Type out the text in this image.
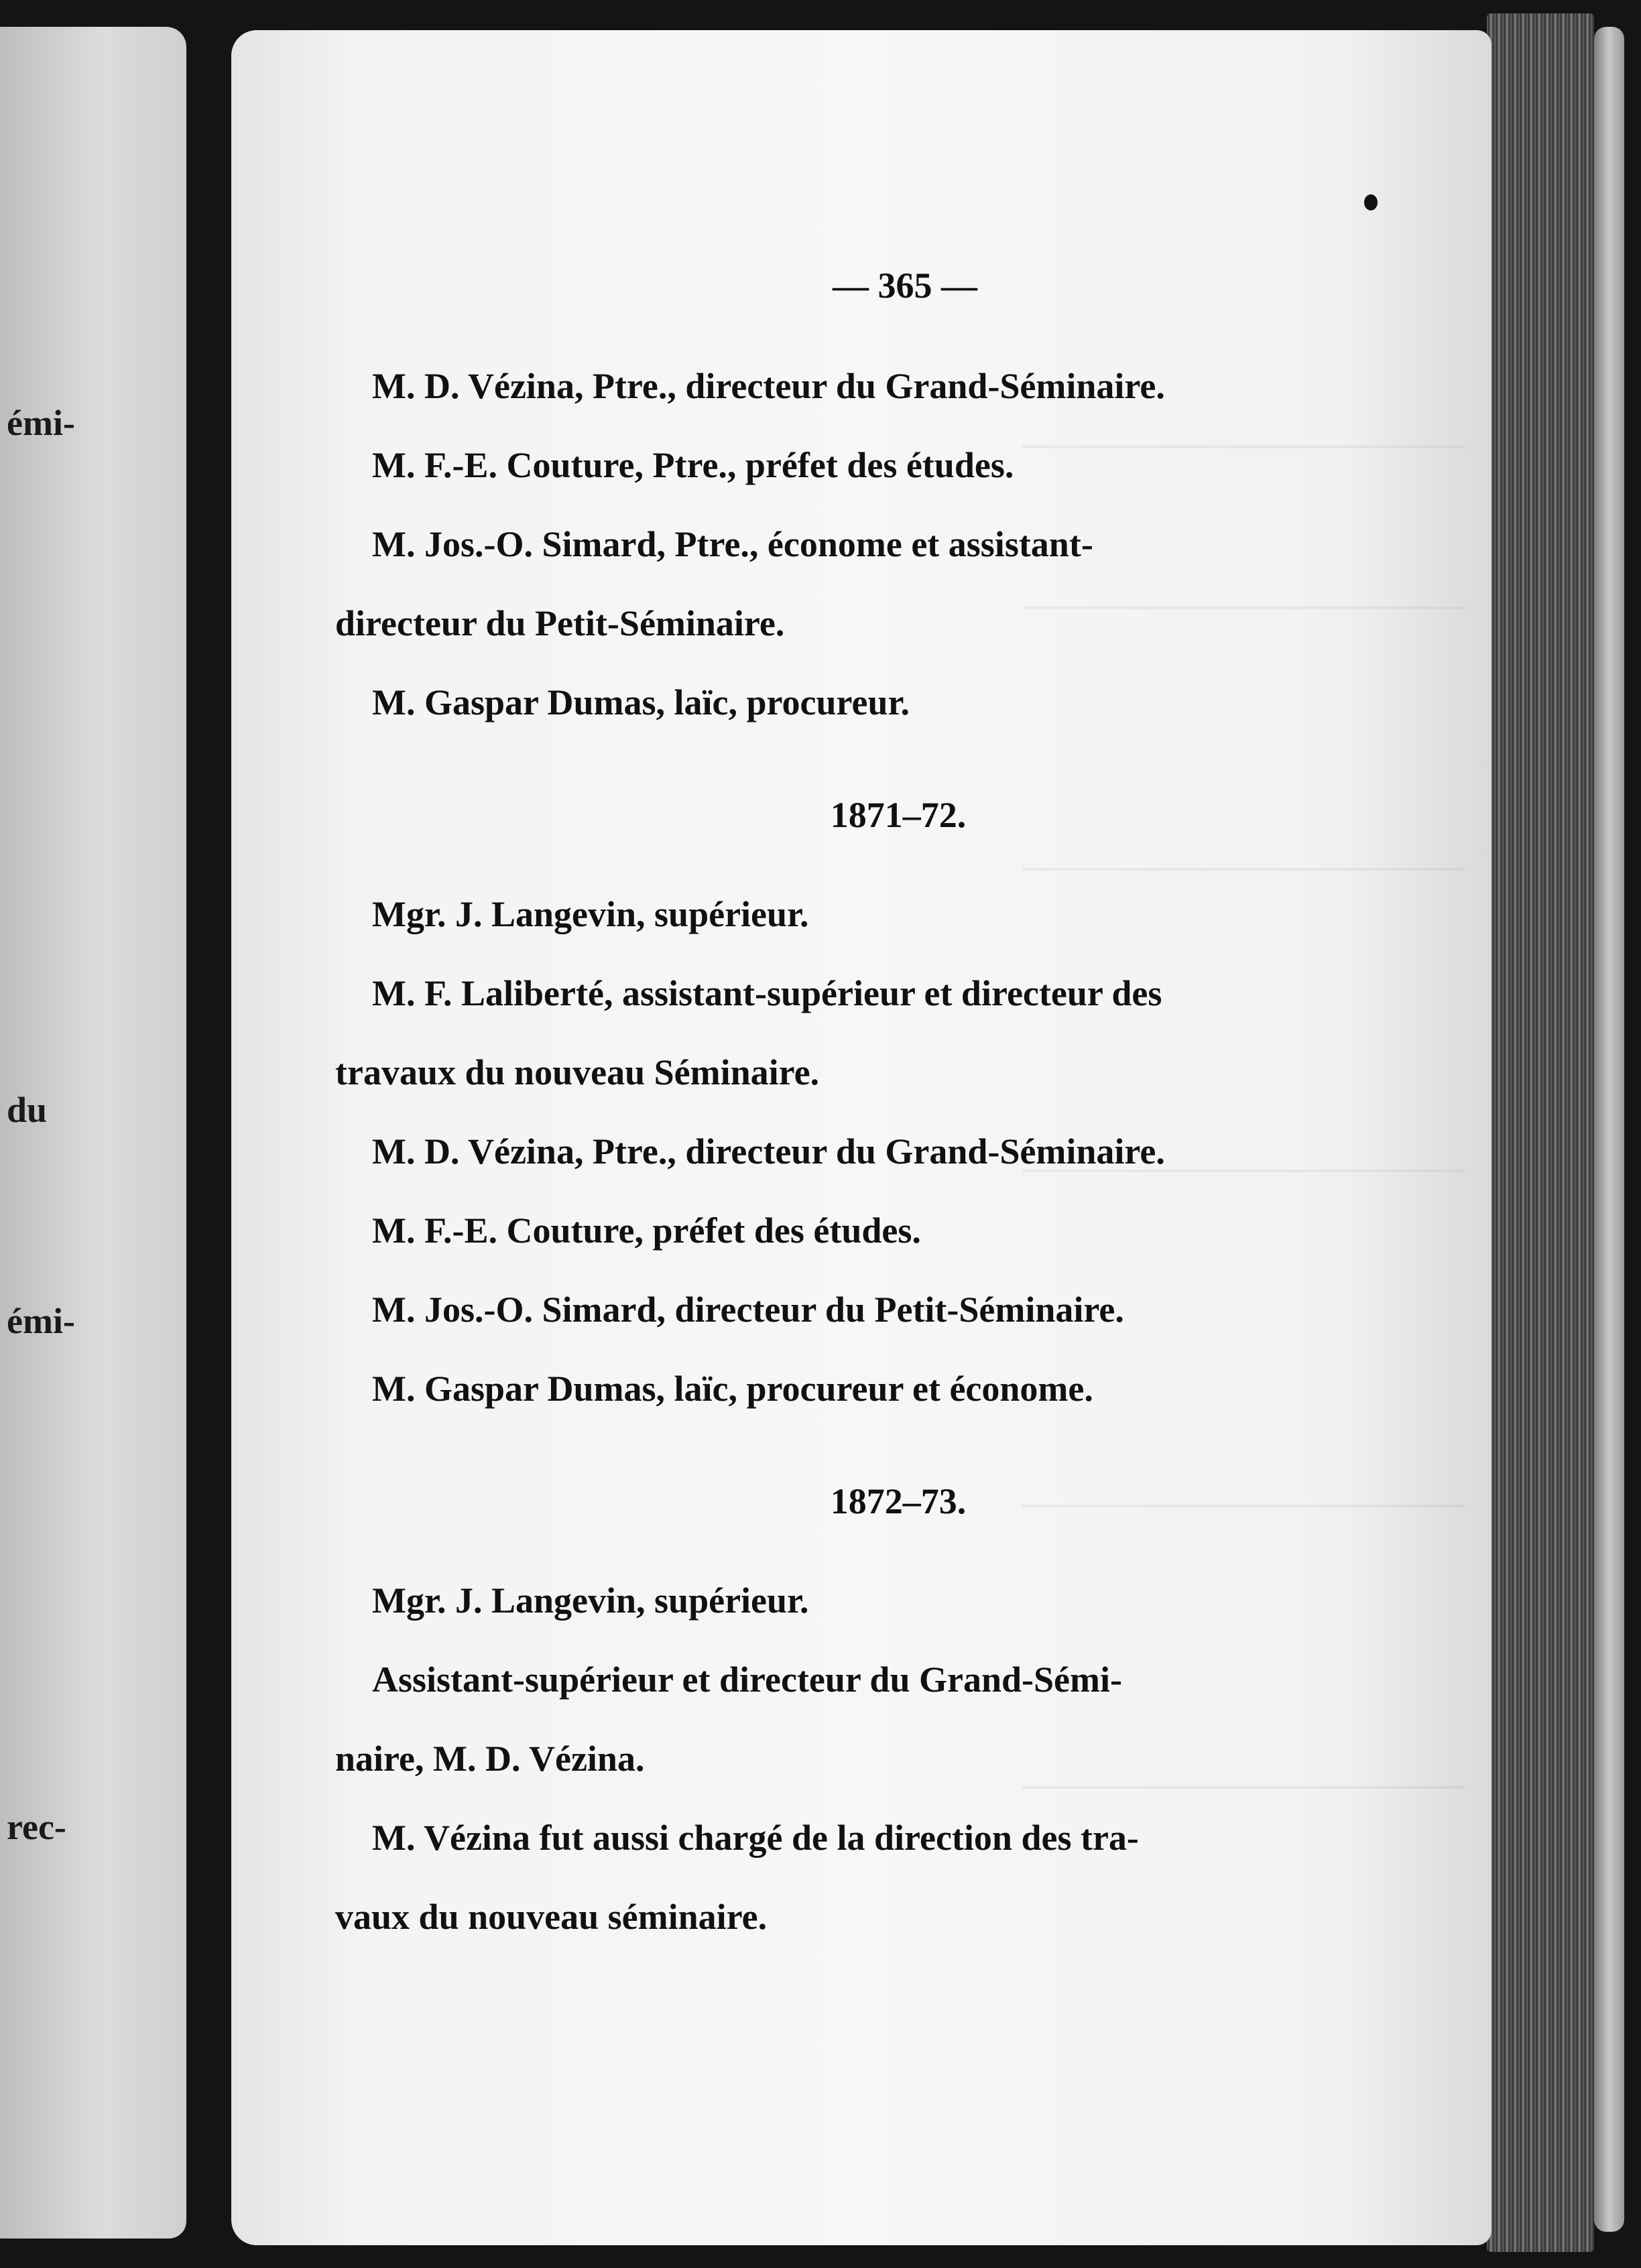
émi-
du
émi-
rec-
— 365 —

M. D. Vézina, Ptre., directeur du Grand-Séminaire.

M. F.-E. Couture, Ptre., préfet des études.

M. Jos.-O. Simard, Ptre., économe et assistant-

directeur du Petit-Séminaire.

M. Gaspar Dumas, laïc, procureur.

1871–72.

Mgr. J. Langevin, supérieur.

M. F. Laliberté, assistant-supérieur et directeur des

travaux du nouveau Séminaire.

M. D. Vézina, Ptre., directeur du Grand-Séminaire.

M. F.-E. Couture, préfet des études.

M. Jos.-O. Simard, directeur du Petit-Séminaire.

M. Gaspar Dumas, laïc, procureur et économe.

1872–73.

Mgr. J. Langevin, supérieur.

Assistant-supérieur et directeur du Grand-Sémi-

naire, M. D. Vézina.

M. Vézina fut aussi chargé de la direction des tra-

vaux du nouveau séminaire.
